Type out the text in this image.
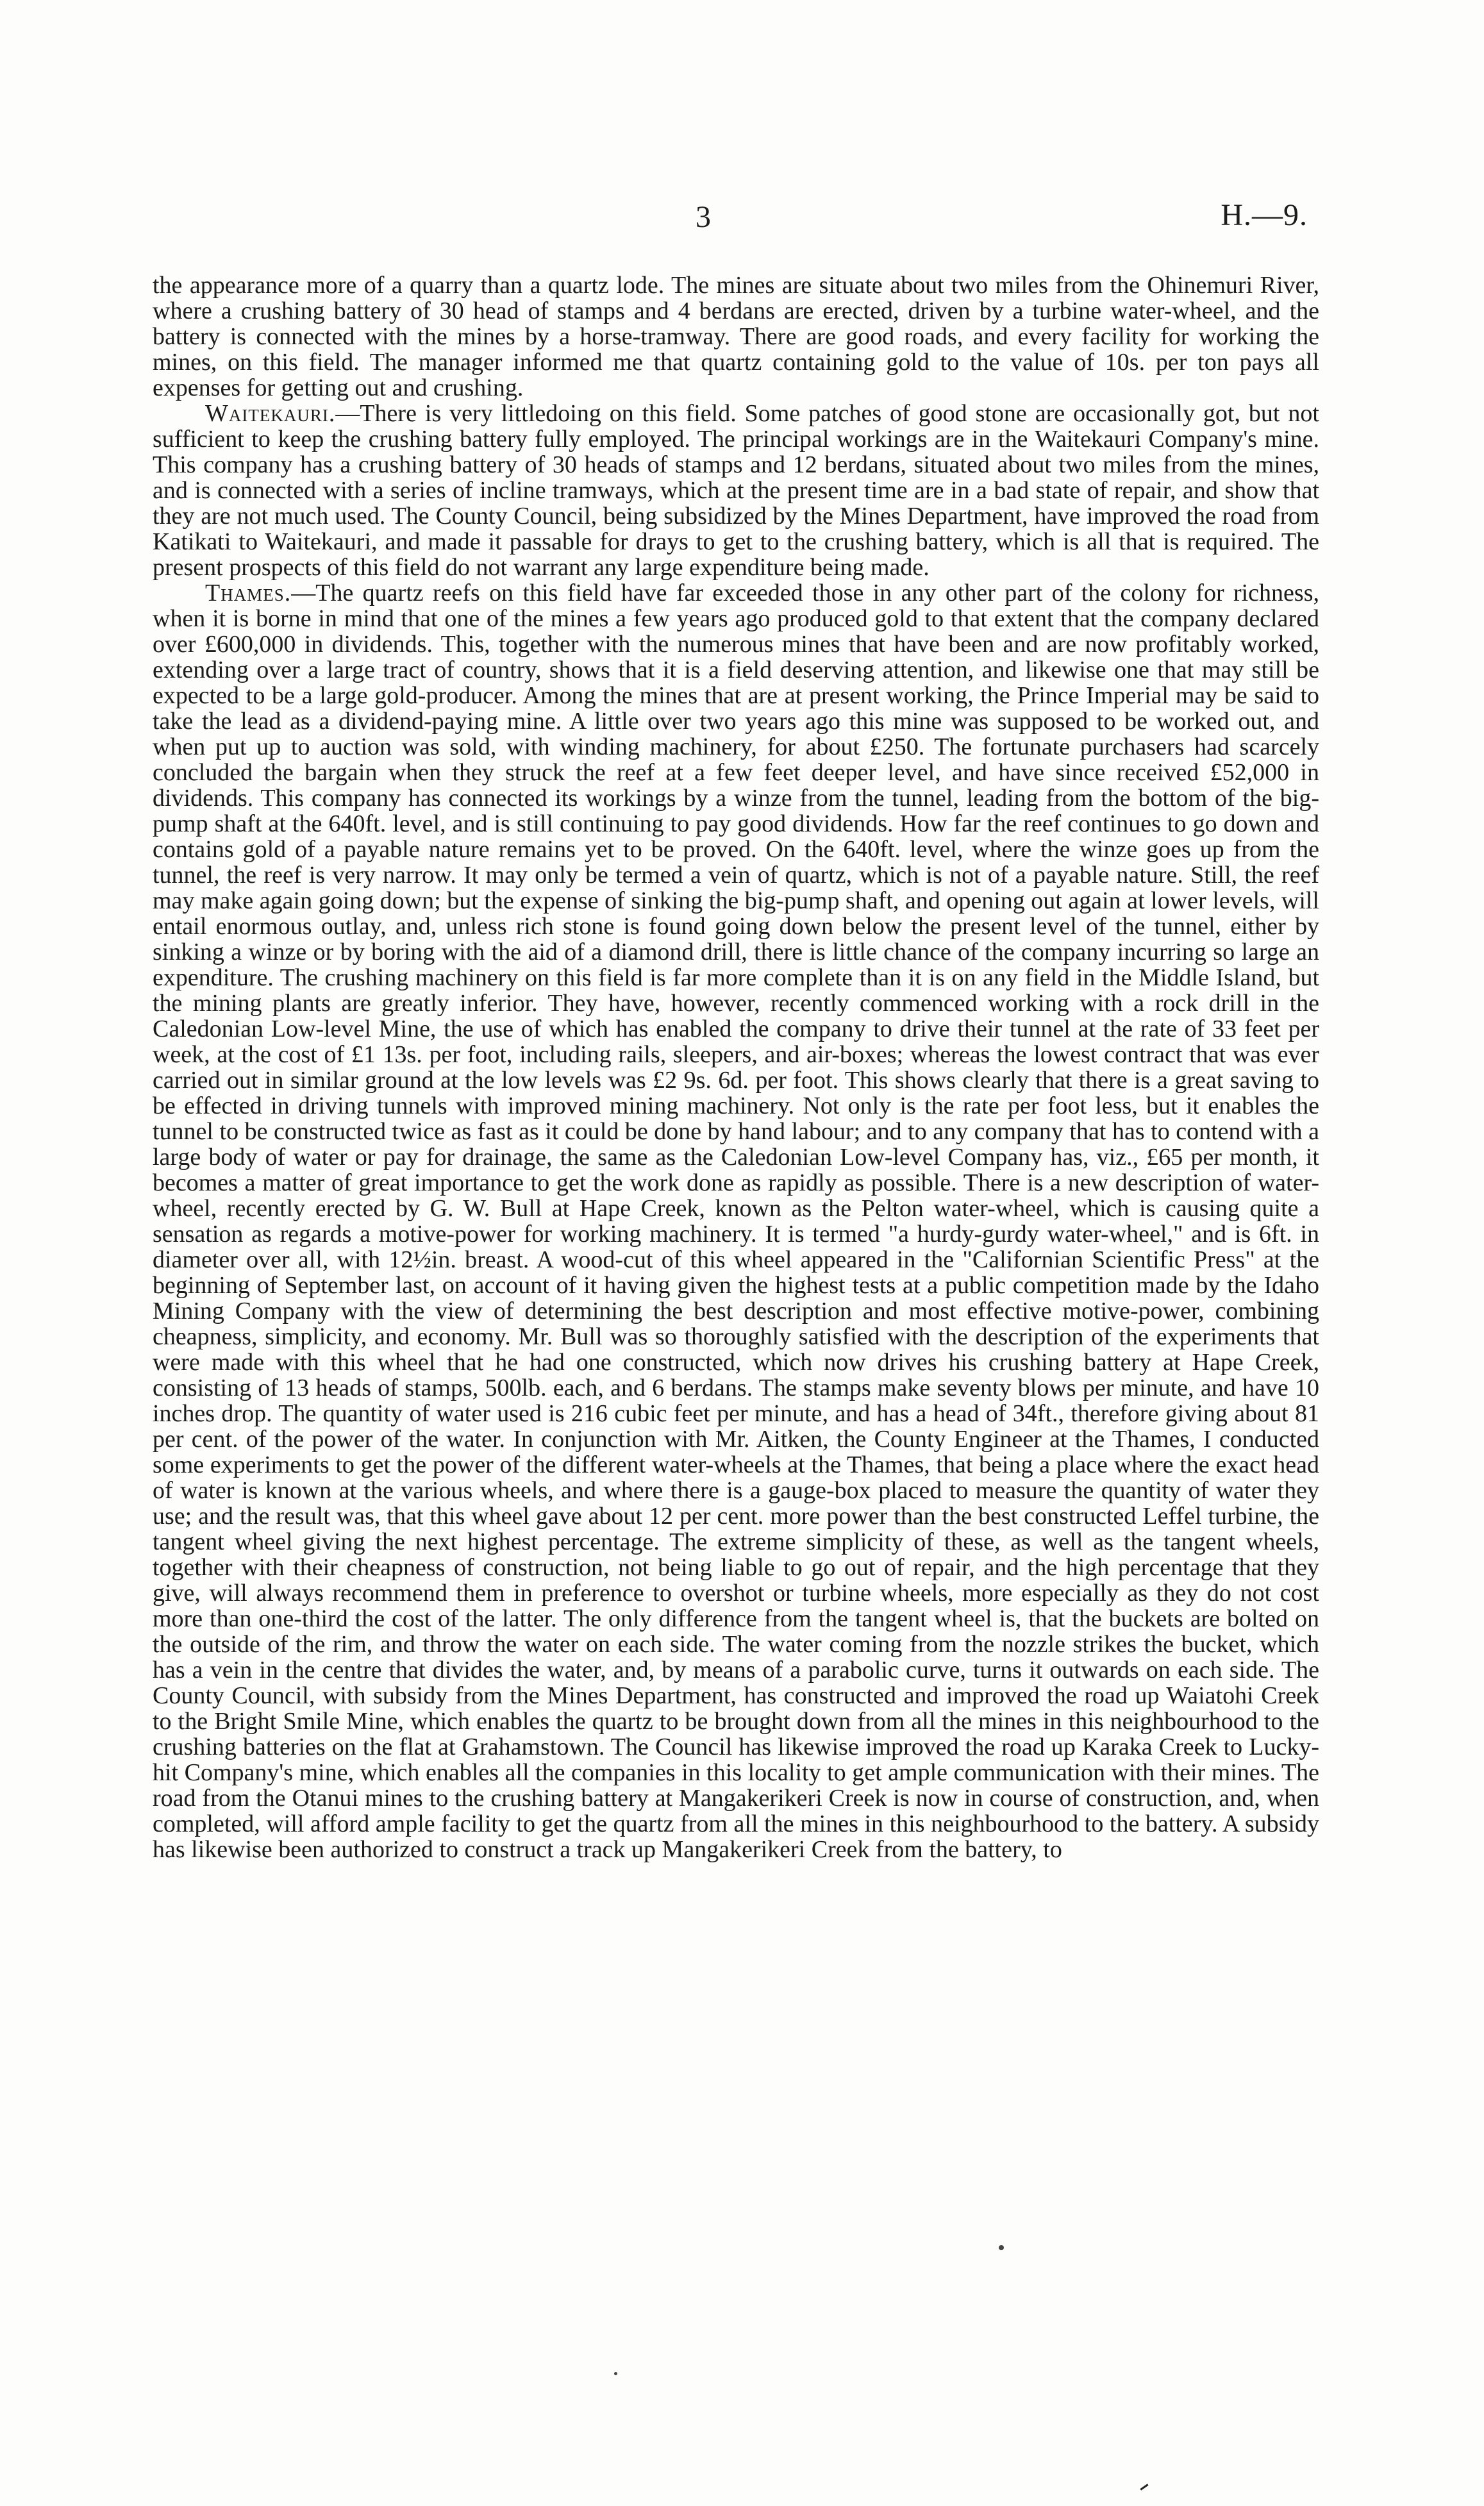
3	H.—9.

the appearance more of a quarry than a quartz lode. The mines are situate about two miles from the Ohinemuri River, where a crushing battery of 30 head of stamps and 4 berdans are erected, driven by a turbine water-wheel, and the battery is connected with the mines by a horse-tramway. There are good roads, and every facility for working the mines, on this field. The manager informed me that quartz containing gold to the value of 10s. per ton pays all expenses for getting out and crushing.

Waitekauri.—There is very littledoing on this field. Some patches of good stone are occasionally got, but not sufficient to keep the crushing battery fully employed. The principal workings are in the Waitekauri Company's mine. This company has a crushing battery of 30 heads of stamps and 12 berdans, situated about two miles from the mines, and is connected with a series of incline tramways, which at the present time are in a bad state of repair, and show that they are not much used. The County Council, being subsidized by the Mines Department, have improved the road from Katikati to Waitekauri, and made it passable for drays to get to the crushing battery, which is all that is required. The present prospects of this field do not warrant any large expenditure being made.

Thames.—The quartz reefs on this field have far exceeded those in any other part of the colony for richness, when it is borne in mind that one of the mines a few years ago produced gold to that extent that the company declared over £600,000 in dividends. This, together with the numerous mines that have been and are now profitably worked, extending over a large tract of country, shows that it is a field deserving attention, and likewise one that may still be expected to be a large gold-producer. Among the mines that are at present working, the Prince Imperial may be said to take the lead as a dividend-paying mine. A little over two years ago this mine was supposed to be worked out, and when put up to auction was sold, with winding machinery, for about £250. The fortunate purchasers had scarcely concluded the bargain when they struck the reef at a few feet deeper level, and have since received £52,000 in dividends. This company has connected its workings by a winze from the tunnel, leading from the bottom of the big-pump shaft at the 640ft. level, and is still continuing to pay good dividends. How far the reef continues to go down and contains gold of a payable nature remains yet to be proved. On the 640ft. level, where the winze goes up from the tunnel, the reef is very narrow. It may only be termed a vein of quartz, which is not of a payable nature. Still, the reef may make again going down; but the expense of sinking the big-pump shaft, and opening out again at lower levels, will entail enormous outlay, and, unless rich stone is found going down below the present level of the tunnel, either by sinking a winze or by boring with the aid of a diamond drill, there is little chance of the company incurring so large an expenditure. The crushing machinery on this field is far more complete than it is on any field in the Middle Island, but the mining plants are greatly inferior. They have, however, recently commenced working with a rock drill in the Caledonian Low-level Mine, the use of which has enabled the company to drive their tunnel at the rate of 33 feet per week, at the cost of £1 13s. per foot, including rails, sleepers, and air-boxes; whereas the lowest contract that was ever carried out in similar ground at the low levels was £2 9s. 6d. per foot. This shows clearly that there is a great saving to be effected in driving tunnels with improved mining machinery. Not only is the rate per foot less, but it enables the tunnel to be constructed twice as fast as it could be done by hand labour; and to any company that has to contend with a large body of water or pay for drainage, the same as the Caledonian Low-level Company has, viz., £65 per month, it becomes a matter of great importance to get the work done as rapidly as possible. There is a new description of water-wheel, recently erected by G. W. Bull at Hape Creek, known as the Pelton water-wheel, which is causing quite a sensation as regards a motive-power for working machinery. It is termed "a hurdy-gurdy water-wheel," and is 6ft. in diameter over all, with 12½in. breast. A wood-cut of this wheel appeared in the "Californian Scientific Press" at the beginning of September last, on account of it having given the highest tests at a public competition made by the Idaho Mining Company with the view of determining the best description and most effective motive-power, combining cheapness, simplicity, and economy. Mr. Bull was so thoroughly satisfied with the description of the experiments that were made with this wheel that he had one constructed, which now drives his crushing battery at Hape Creek, consisting of 13 heads of stamps, 500lb. each, and 6 berdans. The stamps make seventy blows per minute, and have 10 inches drop. The quantity of water used is 216 cubic feet per minute, and has a head of 34ft., therefore giving about 81 per cent. of the power of the water. In conjunction with Mr. Aitken, the County Engineer at the Thames, I conducted some experiments to get the power of the different water-wheels at the Thames, that being a place where the exact head of water is known at the various wheels, and where there is a gauge-box placed to measure the quantity of water they use; and the result was, that this wheel gave about 12 per cent. more power than the best constructed Leffel turbine, the tangent wheel giving the next highest percentage. The extreme simplicity of these, as well as the tangent wheels, together with their cheapness of construction, not being liable to go out of repair, and the high percentage that they give, will always recommend them in preference to overshot or turbine wheels, more especially as they do not cost more than one-third the cost of the latter. The only difference from the tangent wheel is, that the buckets are bolted on the outside of the rim, and throw the water on each side. The water coming from the nozzle strikes the bucket, which has a vein in the centre that divides the water, and, by means of a parabolic curve, turns it outwards on each side. The County Council, with subsidy from the Mines Department, has constructed and improved the road up Waiatohi Creek to the Bright Smile Mine, which enables the quartz to be brought down from all the mines in this neighbourhood to the crushing batteries on the flat at Grahamstown. The Council has likewise improved the road up Karaka Creek to Lucky-hit Company's mine, which enables all the companies in this locality to get ample communication with their mines. The road from the Otanui mines to the crushing battery at Mangakerikeri Creek is now in course of construction, and, when completed, will afford ample facility to get the quartz from all the mines in this neighbourhood to the battery. A subsidy has likewise been authorized to construct a track up Mangakerikeri Creek from the battery, to
